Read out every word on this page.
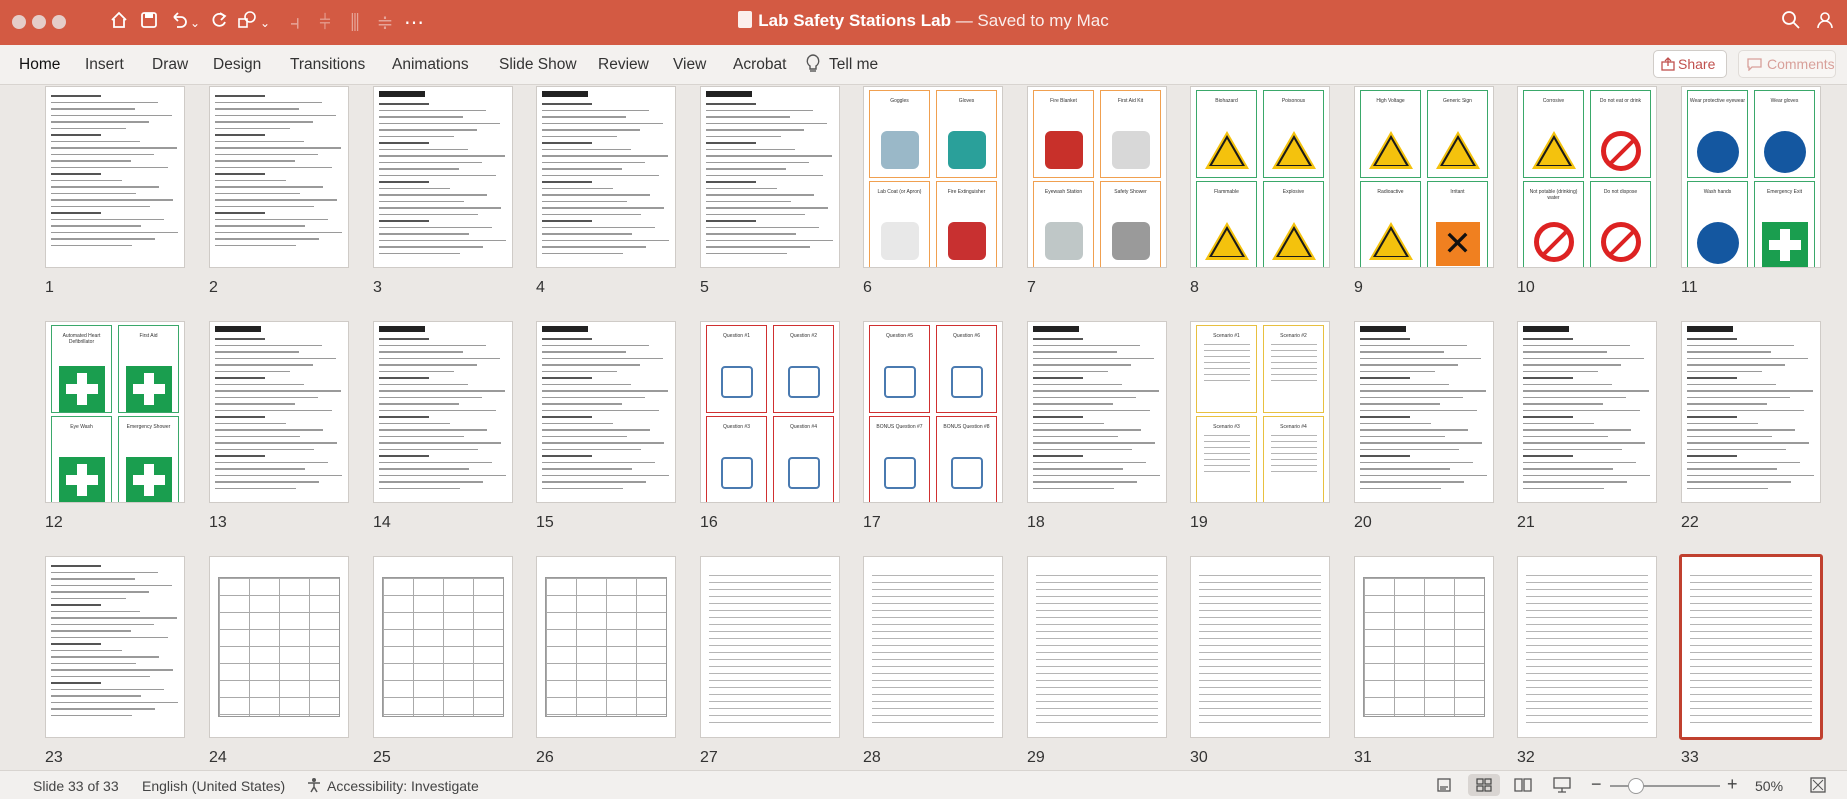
⌄	⌄ ⫞ ⫩ ⫼ ≑ ⋯	Lab Safety Stations Lab — Saved to my Mac
Home Insert Draw Design Transitions Animations Slide Show Review View Acrobat	Tell me	Share	Comments
1	2	3	4	5
Goggles	Gloves
Lab Coat (or Apron)	Fire Extinguisher
6
Fire Blanket	First Aid Kit
Eyewash Station	Safety Shower
7
Biohazard	Poisonous
Flammable	Explosive
8
High Voltage	Generic Sign
Radioactive	Irritant
✕
9
Corrosive	Do not eat or drink
Not potable (drinking) water
Do not dispose
10
Wear protective eyewear	Wear gloves
Wash hands	Emergency Exit
11
Automated Heart Defibrillator
First Aid
Eye Wash	Emergency Shower
12	13	14	15
Question #1	Question #2
Question #3	Question #4
16
Question #5	Question #6
BONUS Question #7	BONUS Question #8
17	18
Scenario #1	Scenario #2
Scenario #3	Scenario #4
19	20	21	22
23	24	25	26	27	28	29	30	31	32	33
Slide 33 of 33 English (United States)	Accessibility: Investigate	−	+ 50%
